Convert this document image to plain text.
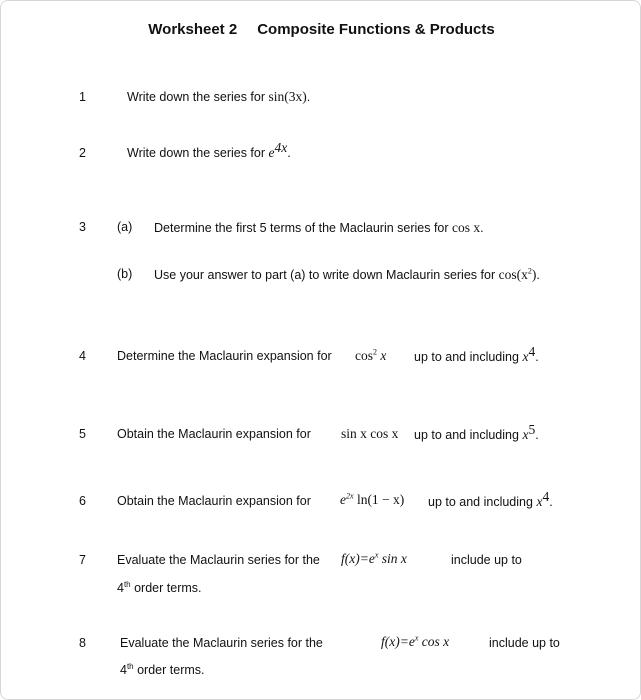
Worksheet 2 Composite Functions & Products
1	Write down the series for sin(3x).
2	Write down the series for $e^{4x}$.
3 (a) Determine the first 5 terms of the Maclaurin series for cos x.
(b) Use your answer to part (a) to write down Maclaurin series for $\cos(x^2)$.
4 Determine the Maclaurin expansion for $\cos^2 x$ up to and including $x^4$.
5 Obtain the Maclaurin expansion for sin x cos x up to and including $x^5$.
6 Obtain the Maclaurin expansion for $e^{2x}$ ln(1 − x) up to and including $x^4$.
7 Evaluate the Maclaurin series for the $f(x)=e^x$ sin x	include up to
4th order terms.
8	Evaluate the Maclaurin series for the	$f(x)=e^x$ cos x	include up to
4th order terms.
